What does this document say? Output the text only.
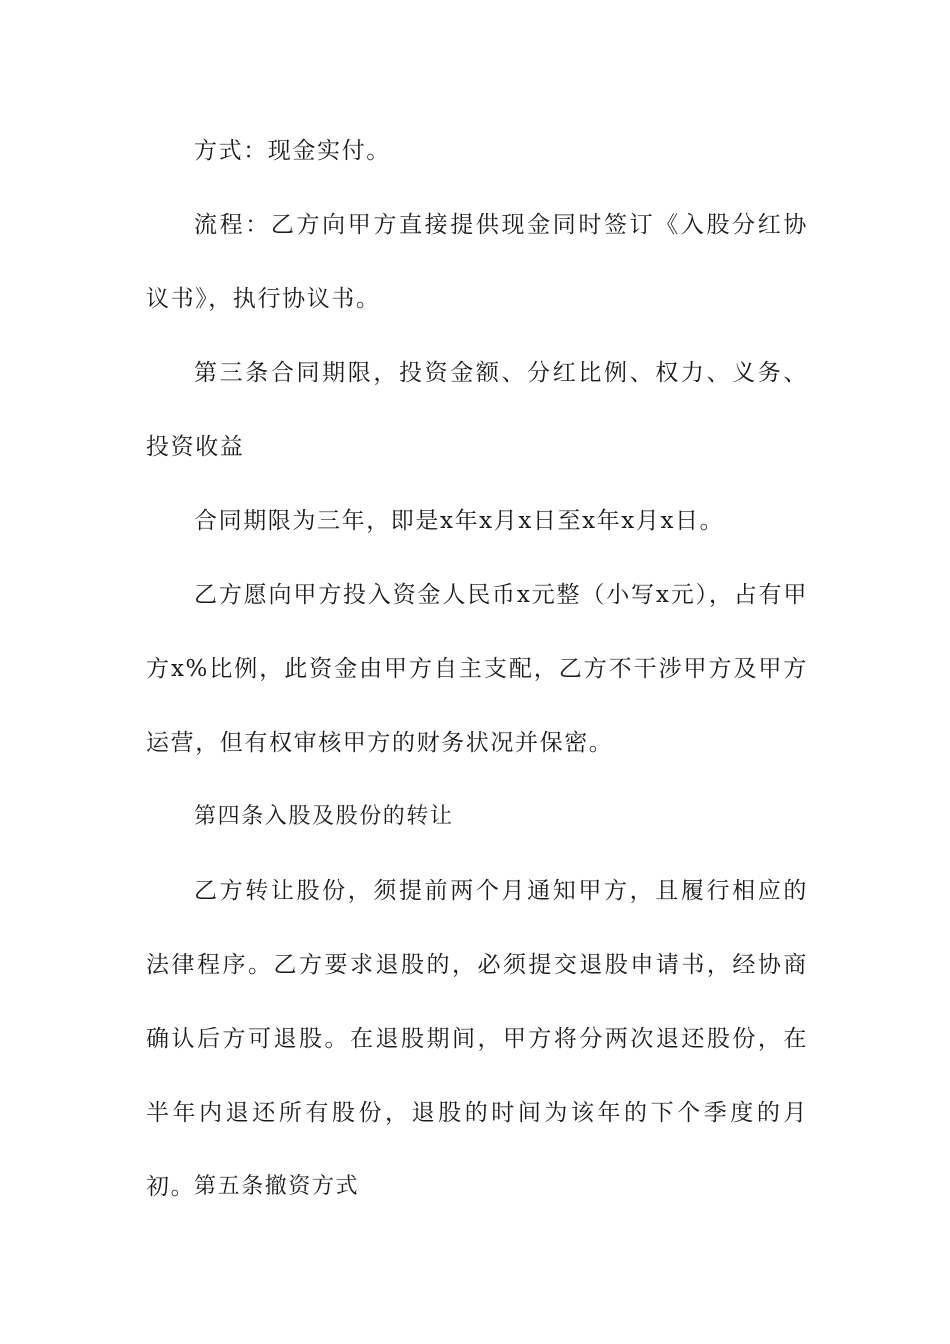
方式：现金实付。

流程：乙方向甲方直接提供现金同时签订《入股分红协议书》，执行协议书。

第三条合同期限，投资金额、分红比例、权力、义务、投资收益

合同期限为三年，即是x年x月x日至x年x月x日。

乙方愿向甲方投入资金人民币x元整（小写x元），占有甲方x%比例，此资金由甲方自主支配，乙方不干涉甲方及甲方运营，但有权审核甲方的财务状况并保密。

第四条入股及股份的转让

乙方转让股份，须提前两个月通知甲方，且履行相应的法律程序。乙方要求退股的，必须提交退股申请书，经协商确认后方可退股。在退股期间，甲方将分两次退还股份，在半年内退还所有股份，退股的时间为该年的下个季度的月初。

第五条撤资方式
